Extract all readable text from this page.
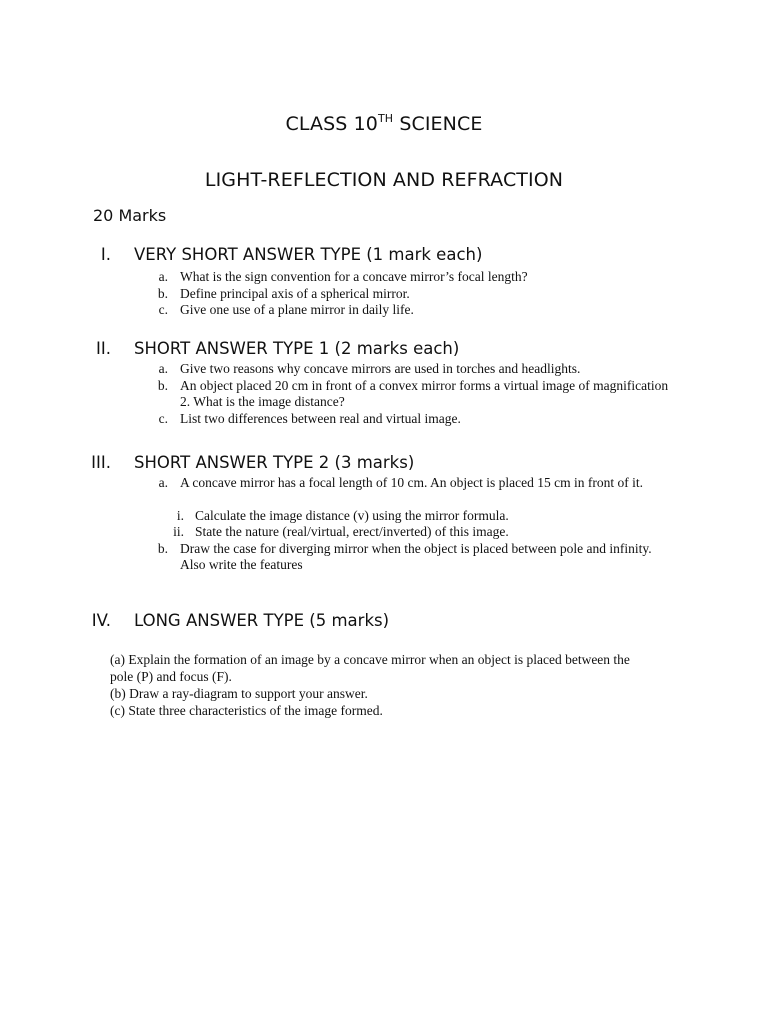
CLASS 10TH SCIENCE
LIGHT-REFLECTION AND REFRACTION

20 Marks

I. VERY SHORT ANSWER TYPE (1 mark each)
a. What is the sign convention for a concave mirror’s focal length?
b. Define principal axis of a spherical mirror.
c. Give one use of a plane mirror in daily life.
II. SHORT ANSWER TYPE 1 (2 marks each)
a. Give two reasons why concave mirrors are used in torches and headlights.
b. An object placed 20 cm in front of a convex mirror forms a virtual image of magnification 2. What is the image distance?
c. List two differences between real and virtual image.
III. SHORT ANSWER TYPE 2 (3 marks)
a. A concave mirror has a focal length of 10 cm. An object is placed 15 cm in front of it.
i. Calculate the image distance (v) using the mirror formula.
ii. State the nature (real/virtual, erect/inverted) of this image.
b. Draw the case for diverging mirror when the object is placed between pole and infinity. Also write the features
IV. LONG ANSWER TYPE (5 marks)
(a) Explain the formation of an image by a concave mirror when an object is placed between the pole (P) and focus (F).
(b) Draw a ray-diagram to support your answer.
(c) State three characteristics of the image formed.
